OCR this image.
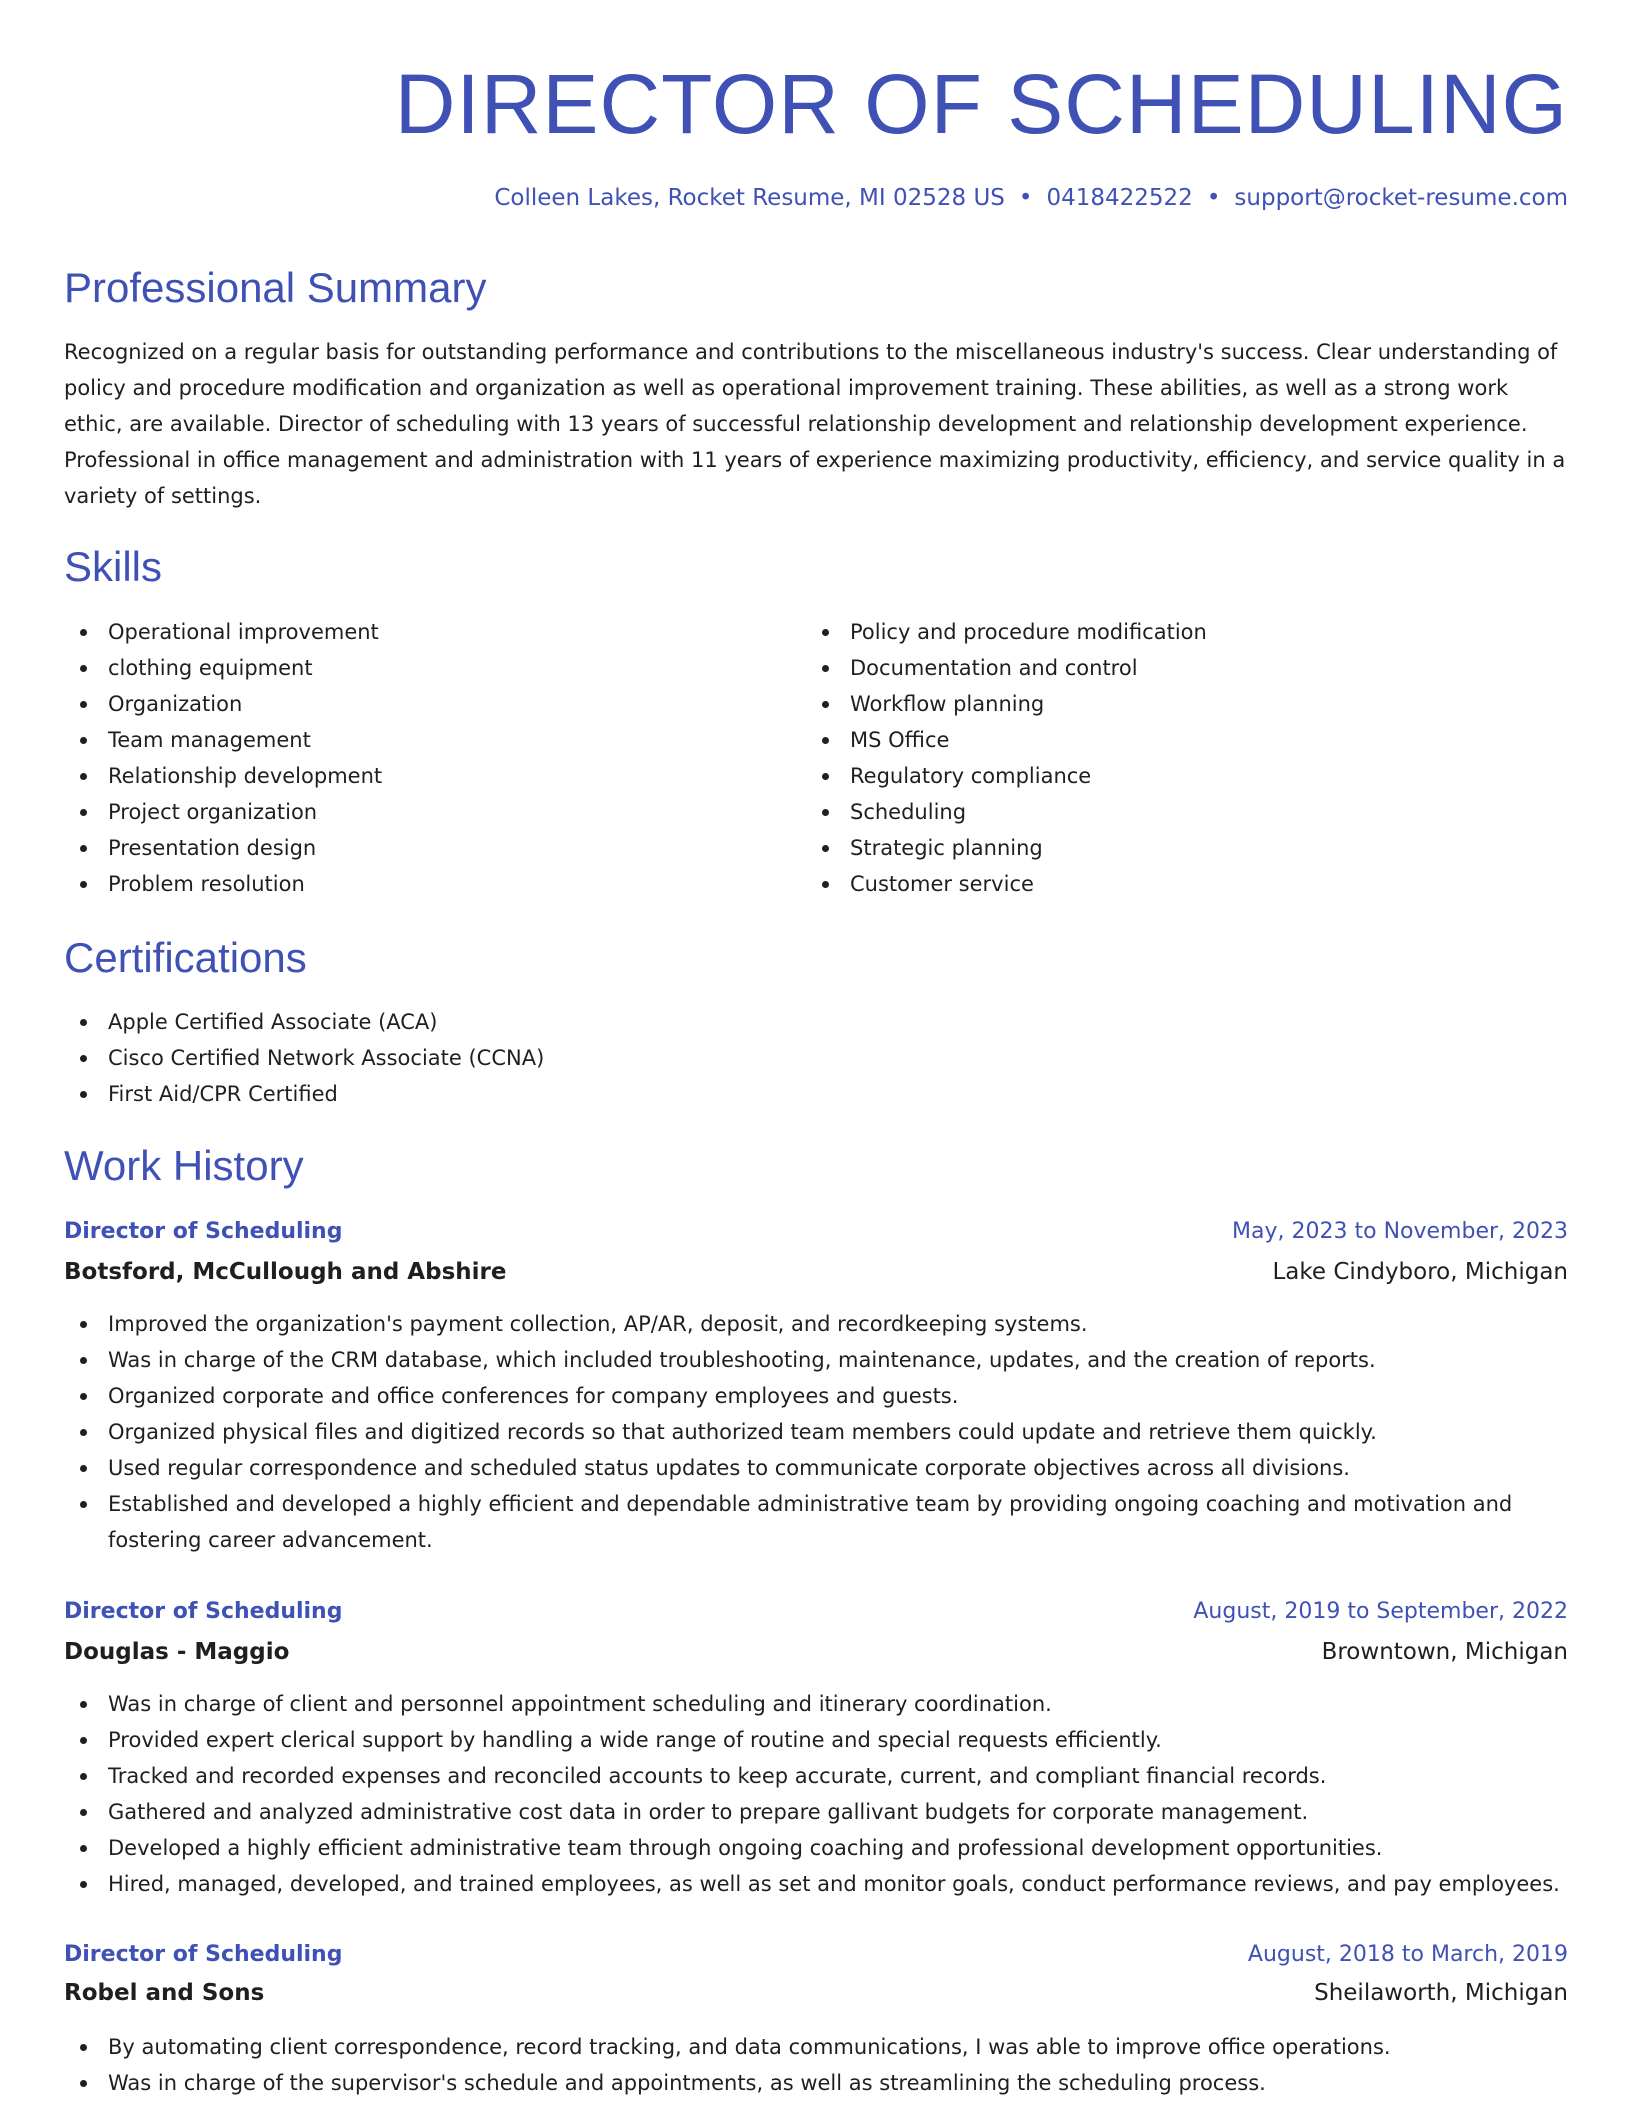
DIRECTOR OF SCHEDULING
Colleen Lakes, Rocket Resume, MI 02528 US • 0418422522 • support@rocket-resume.com
Professional Summary

Recognized on a regular basis for outstanding performance and contributions to the miscellaneous industry's success. Clear understanding of policy and procedure modification and organization as well as operational improvement training. These abilities, as well as a strong work ethic, are available. Director of scheduling with 13 years of successful relationship development and relationship development experience. Professional in office management and administration with 11 years of experience maximizing productivity, efficiency, and service quality in a variety of settings.

Skills
Operational improvement
clothing equipment
Organization
Team management
Relationship development
Project organization
Presentation design
Problem resolution
Policy and procedure modification
Documentation and control
Workflow planning
MS Office
Regulatory compliance
Scheduling
Strategic planning
Customer service
Certifications
Apple Certified Associate (ACA)
Cisco Certified Network Associate (CCNA)
First Aid/CPR Certified
Work History
Director of Scheduling	May, 2023 to November, 2023
Botsford, McCullough and Abshire	Lake Cindyboro, Michigan
Improved the organization's payment collection, AP/AR, deposit, and recordkeeping systems.
Was in charge of the CRM database, which included troubleshooting, maintenance, updates, and the creation of reports.
Organized corporate and office conferences for company employees and guests.
Organized physical files and digitized records so that authorized team members could update and retrieve them quickly.
Used regular correspondence and scheduled status updates to communicate corporate objectives across all divisions.
Established and developed a highly efficient and dependable administrative team by providing ongoing coaching and motivation and fostering career advancement.
Director of Scheduling	August, 2019 to September, 2022
Douglas - Maggio	Browntown, Michigan
Was in charge of client and personnel appointment scheduling and itinerary coordination.
Provided expert clerical support by handling a wide range of routine and special requests efficiently.
Tracked and recorded expenses and reconciled accounts to keep accurate, current, and compliant financial records.
Gathered and analyzed administrative cost data in order to prepare gallivant budgets for corporate management.
Developed a highly efficient administrative team through ongoing coaching and professional development opportunities.
Hired, managed, developed, and trained employees, as well as set and monitor goals, conduct performance reviews, and pay employees.
Director of Scheduling	August, 2018 to March, 2019
Robel and Sons	Sheilaworth, Michigan
By automating client correspondence, record tracking, and data communications, I was able to improve office operations.
Was in charge of the supervisor's schedule and appointments, as well as streamlining the scheduling process.
